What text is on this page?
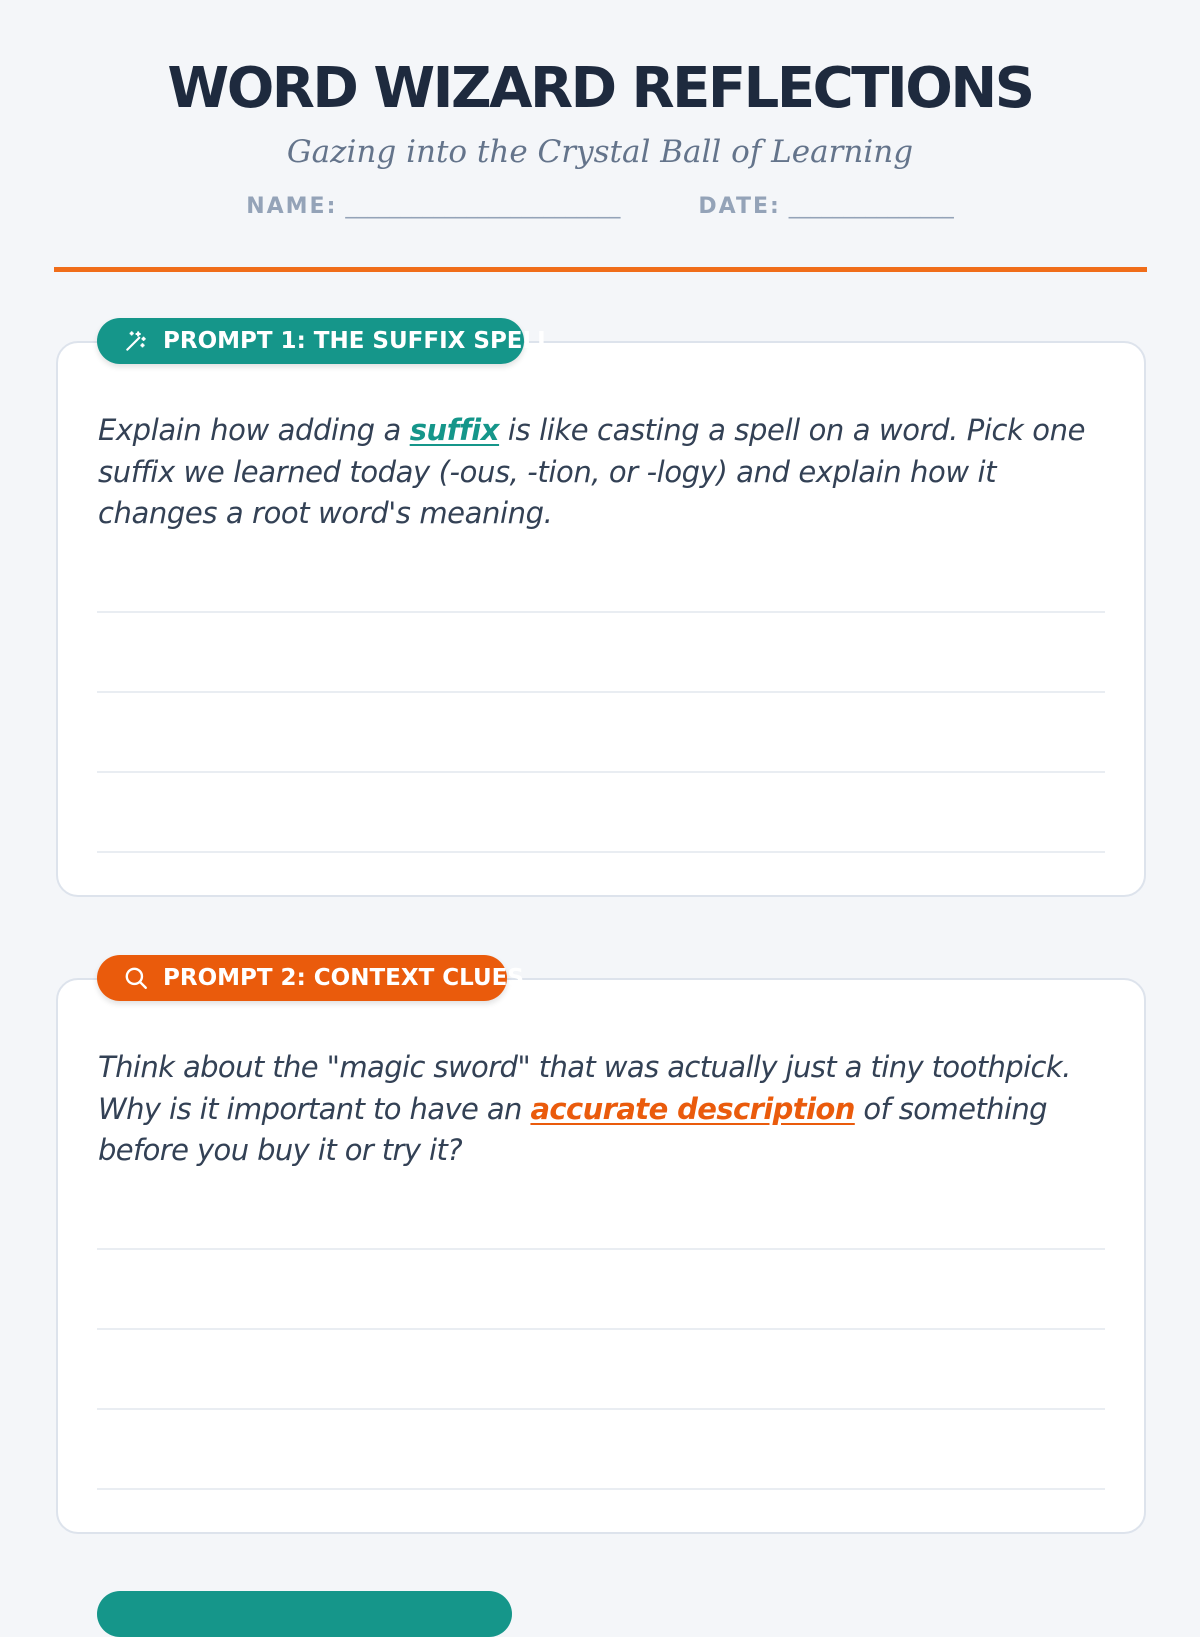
WORD WIZARD REFLECTIONS
Gazing into the Crystal Ball of Learning
NAME: _________________________	DATE: _______________
PROMPT 1: THE SUFFIX SPELL
Explain how adding a suffix is like casting a spell on a word. Pick one suffix we learned today (-ous, -tion, or -logy) and explain how it changes a root word's meaning.
PROMPT 2: CONTEXT CLUES
Think about the "magic sword" that was actually just a tiny toothpick. Why is it important to have an accurate description of something before you buy it or try it?
